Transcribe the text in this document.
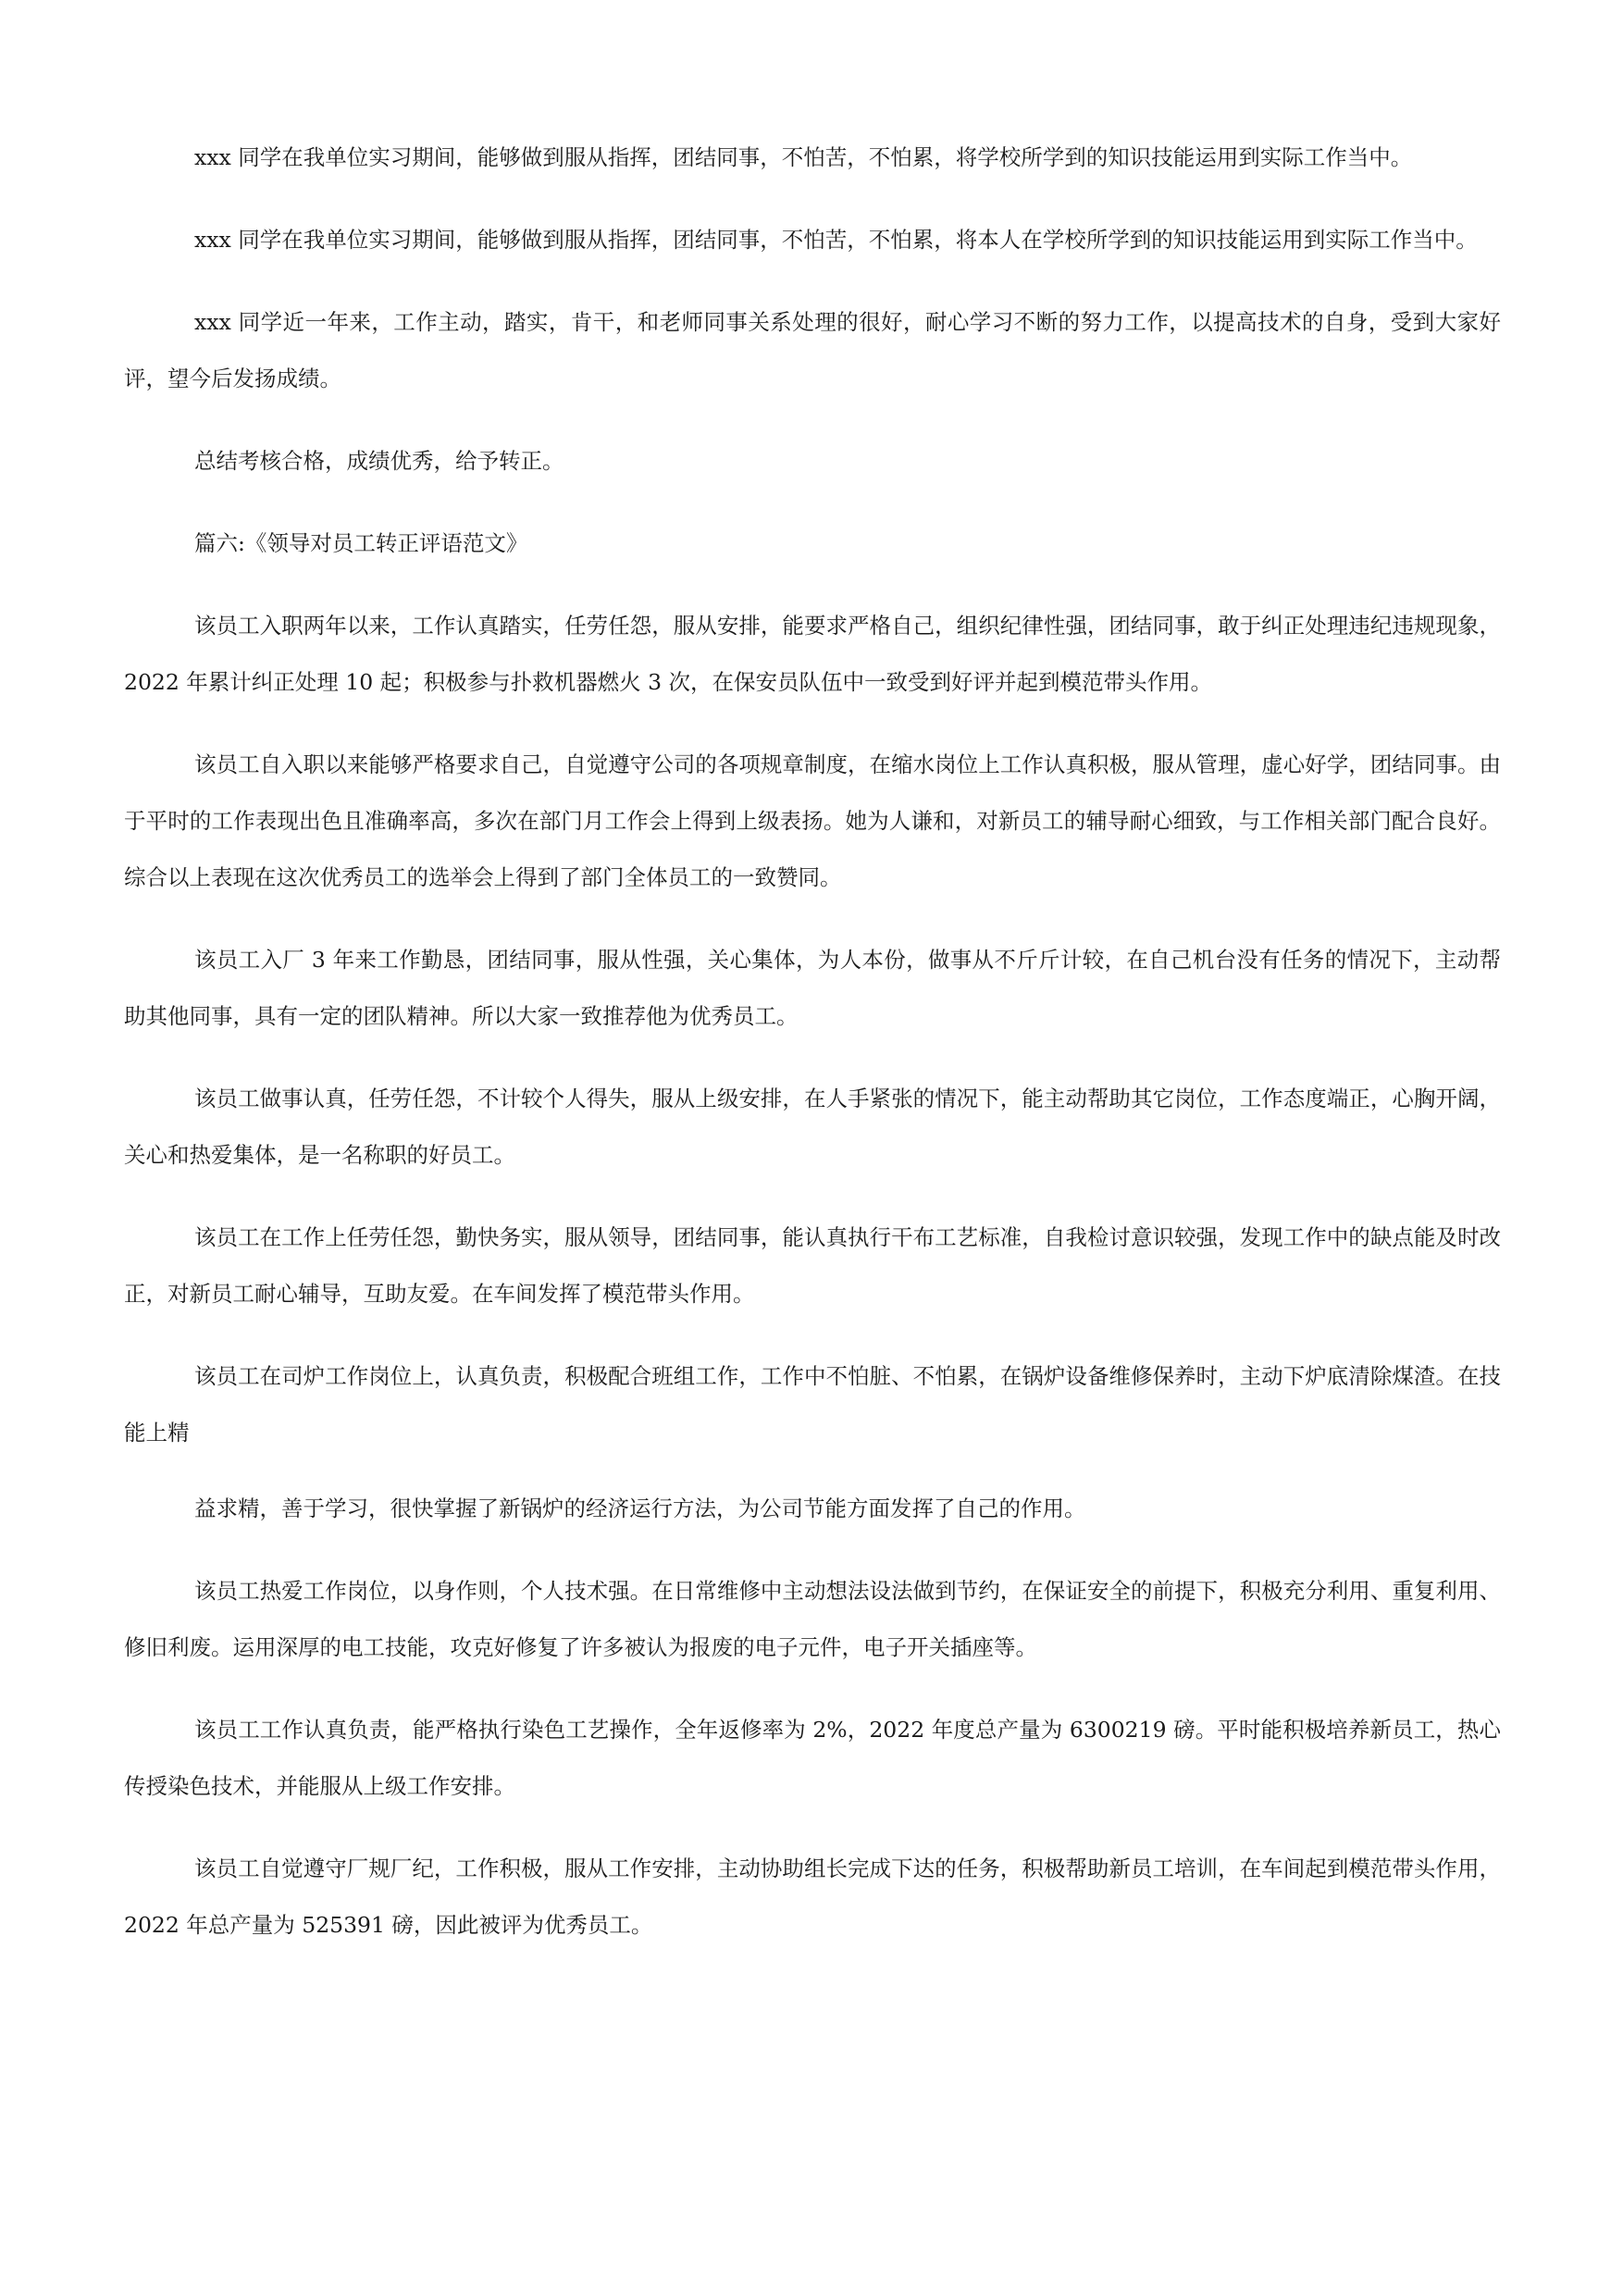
xxx 同学在我单位实习期间，能够做到服从指挥，团结同事，不怕苦，不怕累，将学校所学到的知识技能运用到实际工作当中。

xxx 同学在我单位实习期间，能够做到服从指挥，团结同事，不怕苦，不怕累，将本人在学校所学到的知识技能运用到实际工作当中。

xxx 同学近一年来，工作主动，踏实，肯干，和老师同事关系处理的很好，耐心学习不断的努力工作，以提高技术的自身，受到大家好评，望今后发扬成绩。

总结考核合格，成绩优秀，给予转正。

篇六:《领导对员工转正评语范文》

该员工入职两年以来，工作认真踏实，任劳任怨，服从安排，能要求严格自己，组织纪律性强，团结同事，敢于纠正处理违纪违规现象，2022 年累计纠正处理 10 起；积极参与扑救机器燃火 3 次，在保安员队伍中一致受到好评并起到模范带头作用。

该员工自入职以来能够严格要求自己，自觉遵守公司的各项规章制度，在缩水岗位上工作认真积极，服从管理，虚心好学，团结同事。由于平时的工作表现出色且准确率高，多次在部门月工作会上得到上级表扬。她为人谦和，对新员工的辅导耐心细致，与工作相关部门配合良好。综合以上表现在这次优秀员工的选举会上得到了部门全体员工的一致赞同。

该员工入厂 3 年来工作勤恳，团结同事，服从性强，关心集体，为人本份，做事从不斤斤计较，在自己机台没有任务的情况下，主动帮助其他同事，具有一定的团队精神。所以大家一致推荐他为优秀员工。

该员工做事认真，任劳任怨，不计较个人得失，服从上级安排，在人手紧张的情况下，能主动帮助其它岗位，工作态度端正，心胸开阔，关心和热爱集体，是一名称职的好员工。

该员工在工作上任劳任怨，勤快务实，服从领导，团结同事，能认真执行干布工艺标准，自我检讨意识较强，发现工作中的缺点能及时改正，对新员工耐心辅导，互助友爱。在车间发挥了模范带头作用。

该员工在司炉工作岗位上，认真负责，积极配合班组工作，工作中不怕脏、不怕累，在锅炉设备维修保养时，主动下炉底清除煤渣。在技能上精

益求精，善于学习，很快掌握了新锅炉的经济运行方法，为公司节能方面发挥了自己的作用。

该员工热爱工作岗位，以身作则，个人技术强。在日常维修中主动想法设法做到节约，在保证安全的前提下，积极充分利用、重复利用、修旧利废。运用深厚的电工技能，攻克好修复了许多被认为报废的电子元件，电子开关插座等。

该员工工作认真负责，能严格执行染色工艺操作，全年返修率为 2%，2022 年度总产量为 6300219 磅。平时能积极培养新员工，热心传授染色技术，并能服从上级工作安排。

该员工自觉遵守厂规厂纪，工作积极，服从工作安排，主动协助组长完成下达的任务，积极帮助新员工培训，在车间起到模范带头作用，2022 年总产量为 525391 磅，因此被评为优秀员工。
